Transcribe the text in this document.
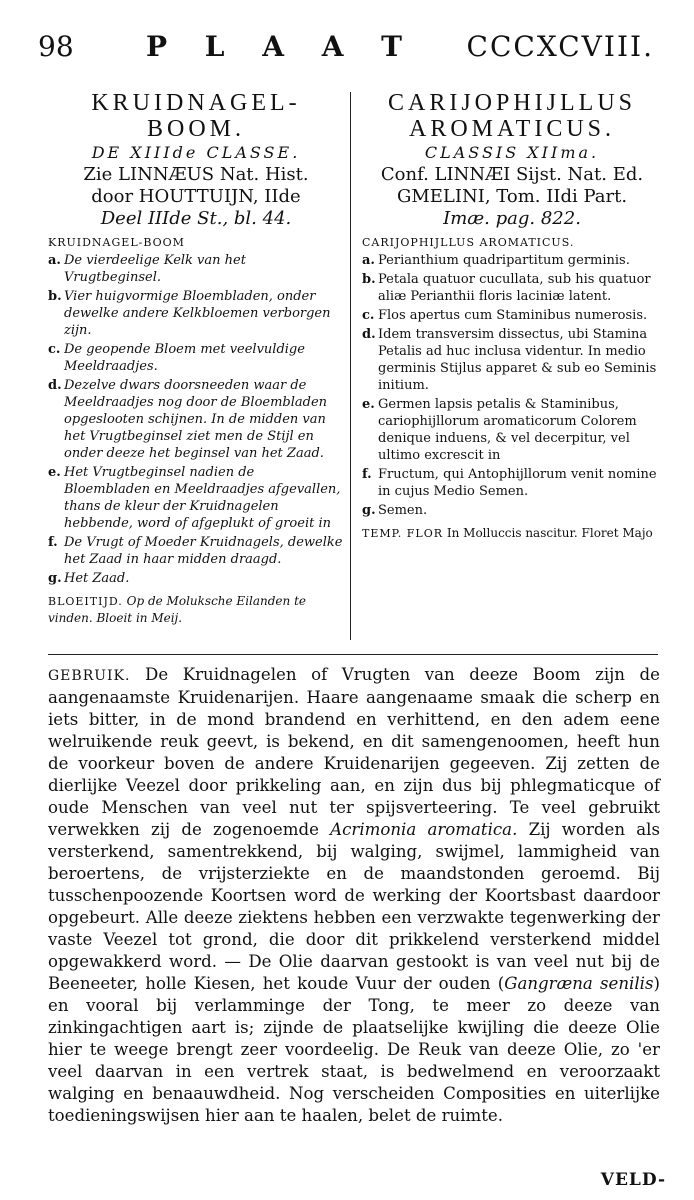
98	P L A A T CCCXCVIII.
KRUIDNAGEL-
BOOM.
DE XIIIde CLASSE.
Zie LINNÆUS Nat. Hist.
door HOUTTUIJN, IIde
Deel IIIde St., bl. 44.
KRUIDNAGEL-BOOM
a. De vierdeelige Kelk van het Vrugtbeginsel.
b. Vier huigvormige Bloembladen, onder dewelke andere Kelkbloemen verborgen zijn.
c. De geopende Bloem met veelvuldige Meeldraadjes.
d. Dezelve dwars doorsneeden waar de Meeldraadjes nog door de Bloembladen opgeslooten schijnen. In de midden van het Vrugtbeginsel ziet men de Stijl en onder deeze het beginsel van het Zaad.
e. Het Vrugtbeginsel nadien de Bloembladen en Meeldraadjes afgevallen, thans de kleur der Kruidnagelen hebbende, word of afgeplukt of groeit in
f. De Vrugt of Moeder Kruidnagels, dewelke het Zaad in haar midden draagd.
g. Het Zaad.
BLOEITIJD. Op de Moluksche Eilanden te vinden. Bloeit in Meij.
CARIJOPHIJLLUS
AROMATICUS.
CLASSIS XIIma.
Conf. LINNÆI Sijst. Nat. Ed.
GMELINI, Tom. IIdi Part.
Imæ. pag. 822.
CARIJOPHIJLLUS AROMATICUS.
a. Perianthium quadripartitum germinis.
b. Petala quatuor cucullata, sub his quatuor aliæ Perianthii floris laciniæ latent.
c. Flos apertus cum Staminibus numerosis.
d. Idem transversim dissectus, ubi Stamina Petalis ad huc inclusa videntur. In medio germinis Stijlus apparet & sub eo Seminis initium.
e. Germen lapsis petalis & Staminibus, cariophijllorum aromaticorum Colorem denique induens, & vel decerpitur, vel ultimo excrescit in
f. Fructum, qui Antophijllorum venit nomine in cujus Medio Semen.
g. Semen.
TEMP. FLOR In Molluccis nascitur. Floret Majo
GEBRUIK. De Kruidnagelen of Vrugten van deeze Boom zijn de aangenaamste Kruidenarijen. Haare aangenaame smaak die scherp en iets bitter, in de mond brandend en verhittend, en den adem eene welruikende reuk geevt, is bekend, en dit samengenoomen, heeft hun de voorkeur boven de andere Kruidenarijen gegeeven. Zij zetten de dierlijke Veezel door prikkeling aan, en zijn dus bij phlegmaticque of oude Menschen van veel nut ter spijsverteering. Te veel gebruikt verwekken zij de zogenoemde Acrimonia aromatica. Zij worden als versterkend, samentrekkend, bij walging, swijmel, lammigheid van beroertens, de vrijsterziekte en de maandstonden geroemd. Bij tusschenpoozende Koortsen word de werking der Koortsbast daardoor opgebeurt. Alle deeze ziektens hebben een verzwakte tegenwerking der vaste Veezel tot grond, die door dit prikkelend versterkend middel opgewakkerd word. — De Olie daarvan gestookt is van veel nut bij de Beeneeter, holle Kiesen, het koude Vuur der ouden (Gangræna senilis) en vooral bij verlamminge der Tong, te meer zo deeze van zinkingachtigen aart is; zijnde de plaatselijke kwijling die deeze Olie hier te weege brengt zeer voordeelig. De Reuk van deeze Olie, zo 'er veel daarvan in een vertrek staat, is bedwelmend en veroorzaakt walging en benaauwdheid. Nog verscheiden Composities en uiterlijke toedieningswijsen hier aan te haalen, belet de ruimte.
VELD-
